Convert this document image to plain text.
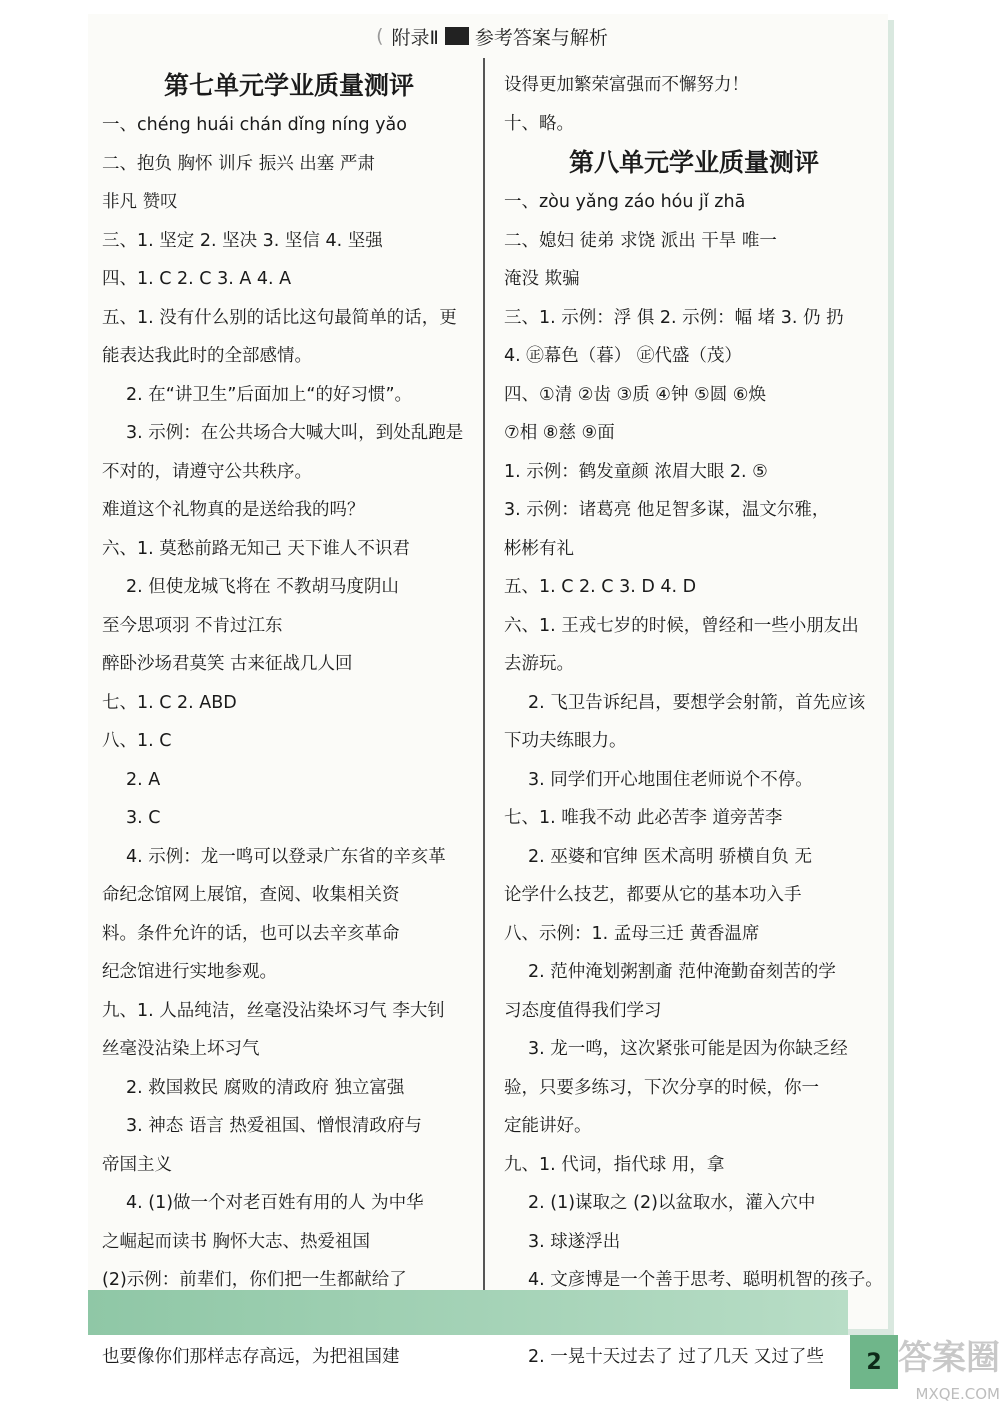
( 附录Ⅱ 参考答案与解析
第七单元学业质量测评
一、chéng huái chán dǐng níng yǎo
二、抱负 胸怀 训斥 振兴 出塞 严肃
非凡 赞叹
三、1. 坚定 2. 坚决 3. 坚信 4. 坚强
四、1. C 2. C 3. A 4. A
五、1. 没有什么别的话比这句最简单的话，更
能表达我此时的全部感情。
2. 在“讲卫生”后面加上“的好习惯”。
3. 示例：在公共场合大喊大叫，到处乱跑是
不对的，请遵守公共秩序。
难道这个礼物真的是送给我的吗？
六、1. 莫愁前路无知己 天下谁人不识君
2. 但使龙城飞将在 不教胡马度阴山
至今思项羽 不肯过江东
醉卧沙场君莫笑 古来征战几人回
七、1. C 2. ABD
八、1. C
2. A
3. C
4. 示例：龙一鸣可以登录广东省的辛亥革
命纪念馆网上展馆，查阅、收集相关资
料。条件允许的话，也可以去辛亥革命
纪念馆进行实地参观。
九、1. 人品纯洁，丝毫没沾染坏习气 李大钊
丝毫没沾染上坏习气
2. 救国救民 腐败的清政府 独立富强
3. 神态 语言 热爱祖国、憎恨清政府与
帝国主义
4. (1)做一个对老百姓有用的人 为中华
之崛起而读书 胸怀大志、热爱祖国
(2)示例：前辈们，你们把一生都献给了
也要像你们那样志存高远，为把祖国建
设得更加繁荣富强而不懈努力！
十、略。
第八单元学业质量测评
一、zòu yǎng záo hóu jǐ zhā
二、媳妇 徒弟 求饶 派出 干旱 唯一
淹没 欺骗
三、1. 示例：浮 俱 2. 示例：幅 堵 3. 仍 扔
4. ㊣幕色（暮） ㊣代盛（茂）
四、①清 ②齿 ③质 ④钟 ⑤圆 ⑥焕
⑦相 ⑧慈 ⑨面
1. 示例：鹤发童颜 浓眉大眼 2. ⑤
3. 示例：诸葛亮 他足智多谋，温文尔雅，
彬彬有礼
五、1. C 2. C 3. D 4. D
六、1. 王戎七岁的时候，曾经和一些小朋友出
去游玩。
2. 飞卫告诉纪昌，要想学会射箭，首先应该
下功夫练眼力。
3. 同学们开心地围住老师说个不停。
七、1. 唯我不动 此必苦李 道旁苦李
2. 巫婆和官绅 医术高明 骄横自负 无
论学什么技艺，都要从它的基本功入手
八、示例：1. 孟母三迁 黄香温席
2. 范仲淹划粥割齑 范仲淹勤奋刻苦的学
习态度值得我们学习
3. 龙一鸣，这次紧张可能是因为你缺乏经
验，只要多练习，下次分享的时候，你一
定能讲好。
九、1. 代词，指代球 用，拿
2. (1)谋取之 (2)以盆取水，灌入穴中
3. 球遂浮出
4. 文彦博是一个善于思考、聪明机智的孩子。
2. 一晃十天过去了 过了几天 又过了些	2 答案圈
MXQE.COM
